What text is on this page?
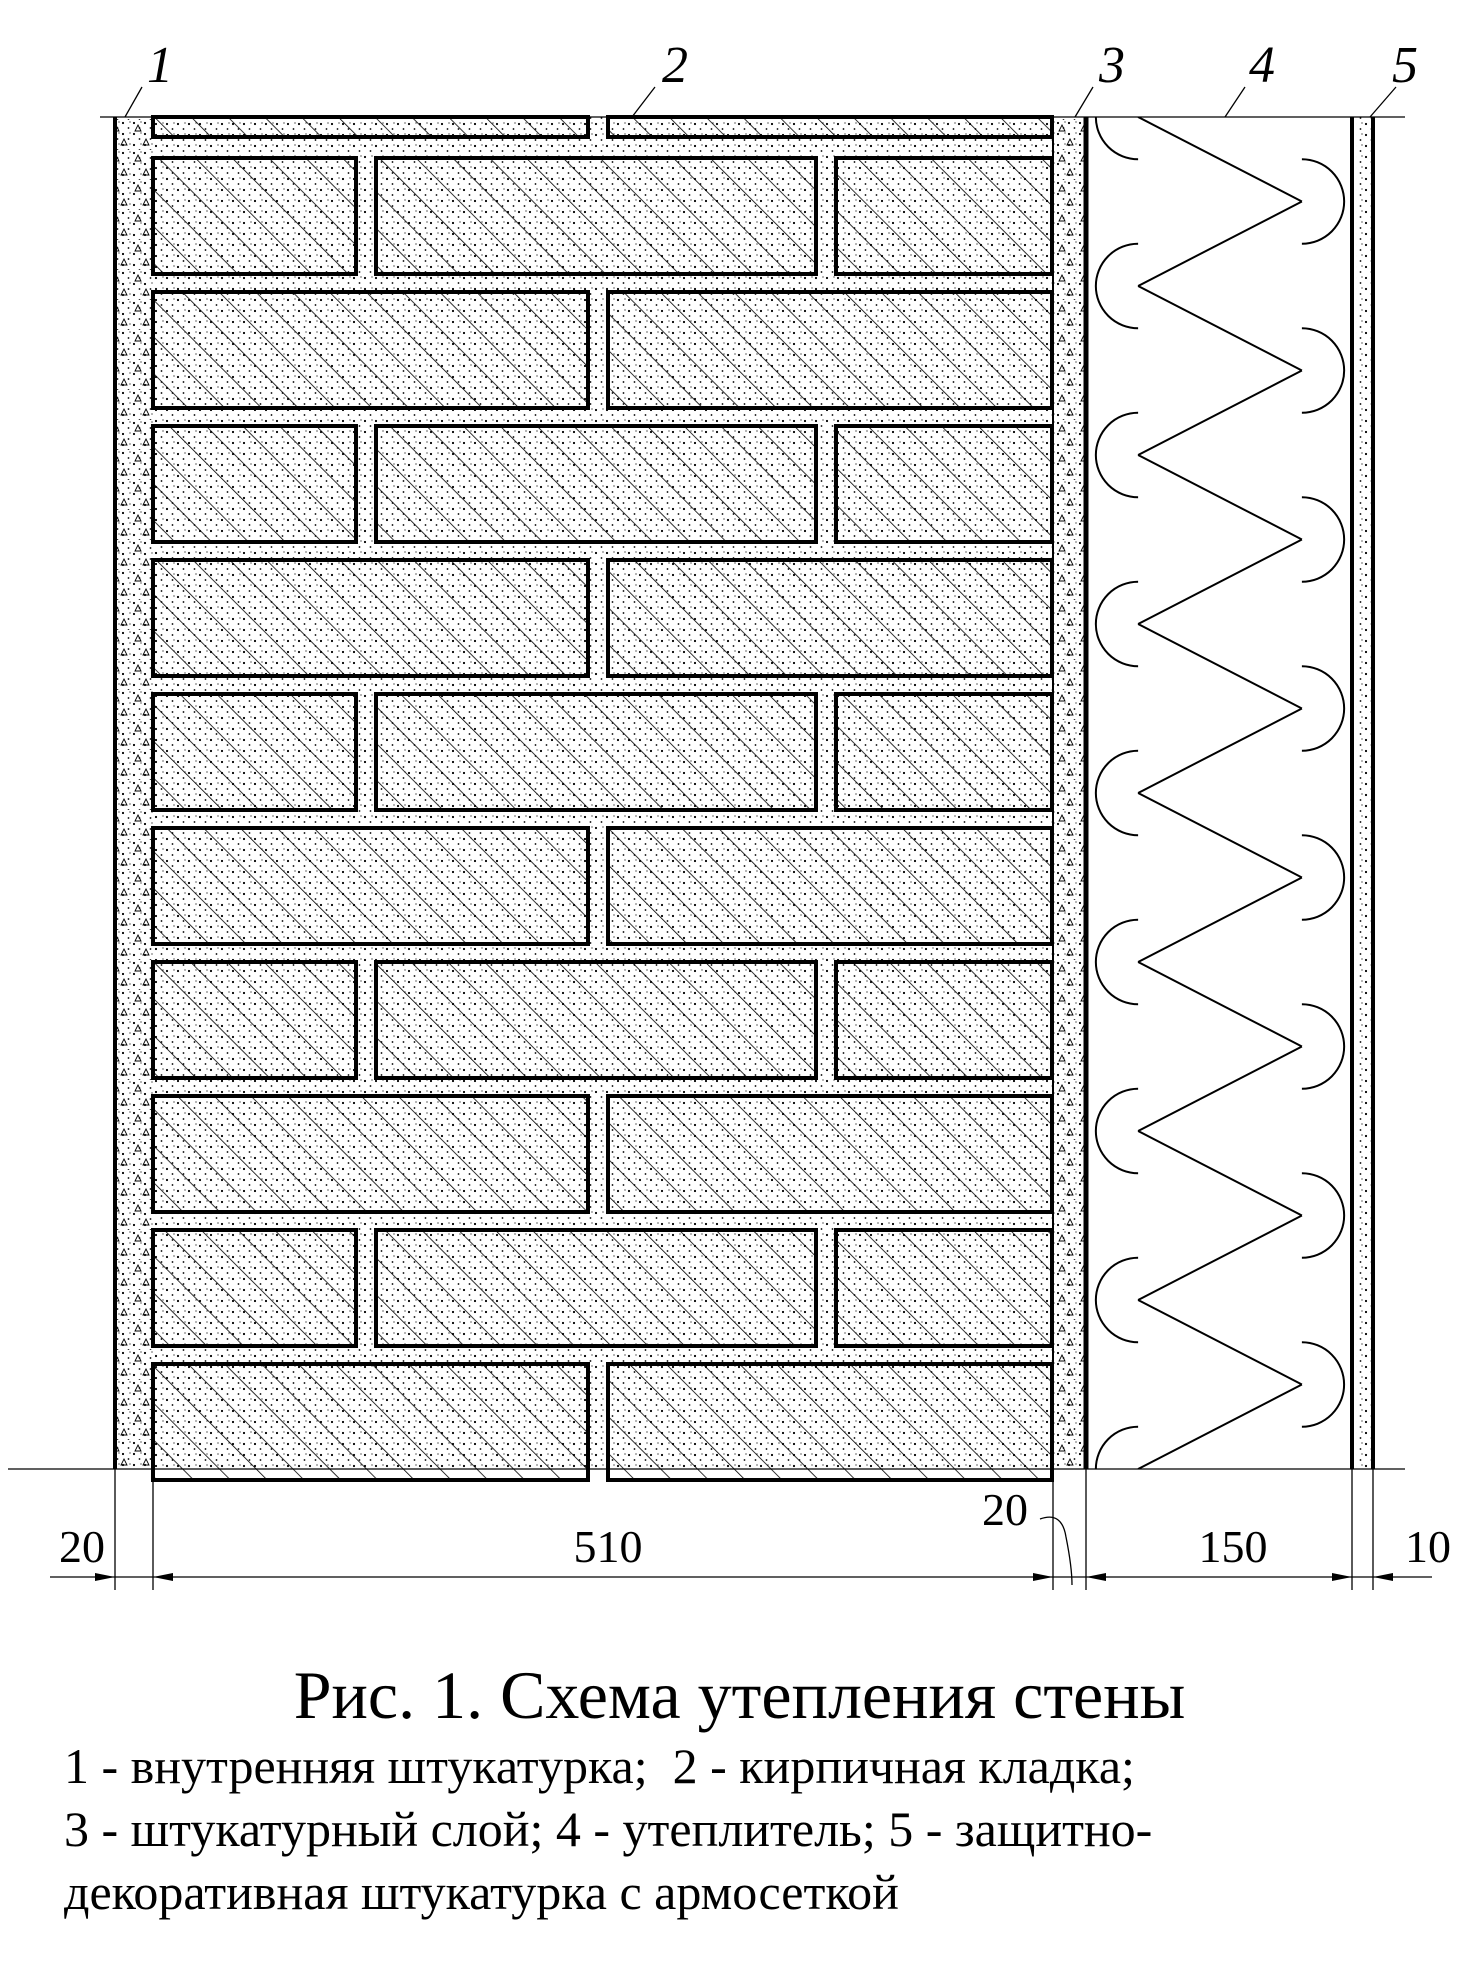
1	2	3 4 5
20	510
20
150	10

Рис. 1. Схема утепления стены

1 - внутренняя штукатурка;  2 - кирпичная кладка;

3 - штукатурный слой; 4 - утеплитель; 5 - защитно-

декоративная штукатурка с армосеткой
